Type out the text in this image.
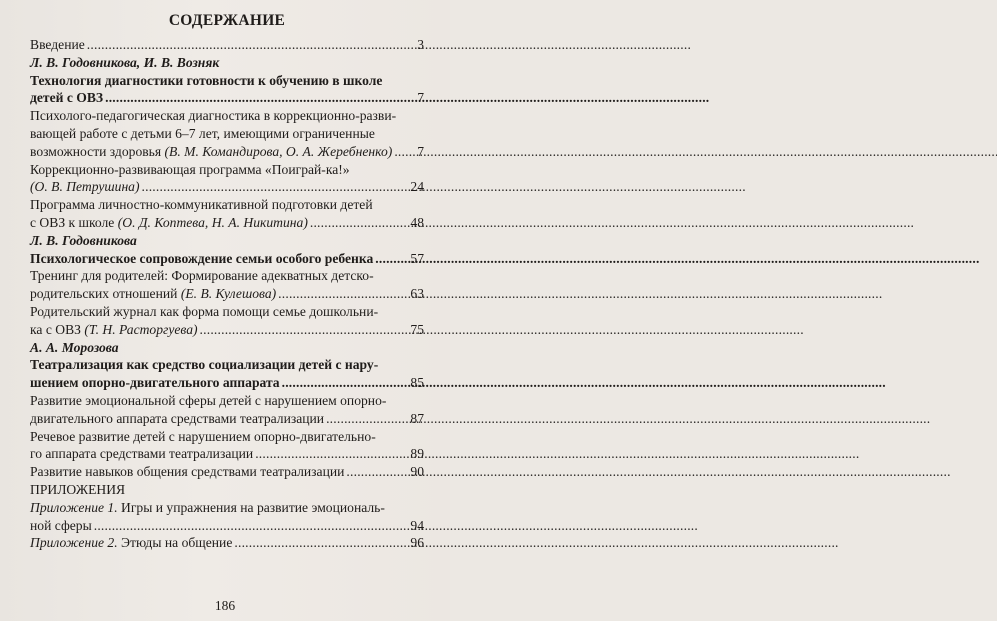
СОДЕРЖАНИЕ
Введение . . .	3
Л. В. Годовникова, И. В. Возняк
Технология диагностики готовности к обучению в школе
детей с ОВЗ . . .	7
Психолого-педагогическая диагностика в коррекционно-разви-
вающей работе с детьми 6–7 лет, имеющими ограниченные
возможности здоровья (В. М. Командирова, О. А. Жеребненко) . . . 7
Коррекционно-развивающая программа «Поиграй-ка!»
(О. В. Петрушина) . . .	24
Программа личностно-коммуникативной подготовки детей
с ОВЗ к школе (О. Д. Коптева, Н. А. Никитина) . . .	48
Л. В. Годовникова
Психологическое сопровождение семьи особого ребенка . . .	57
Тренинг для родителей: Формирование адекватных детско-
родительских отношений (Е. В. Кулешова) . . .	63
Родительский журнал как форма помощи семье дошкольни-
ка с ОВЗ (Т. Н. Расторгуева) . . .	75
А. А. Морозова
Театрализация как средство социализации детей с нару-
шением опорно-двигательного аппарата . . .	85
Развитие эмоциональной сферы детей с нарушением опорно-
двигательного аппарата средствами театрализации . . .	87
Речевое развитие детей с нарушением опорно-двигательно-
го аппарата средствами театрализации . . .	89
Развитие навыков общения средствами театрализации . . .	90
ПРИЛОЖЕНИЯ
Приложение 1. Игры и упражнения на развитие эмоциональ-
ной сферы . . .	94
Приложение 2. Этюды на общение . . .	96
186
